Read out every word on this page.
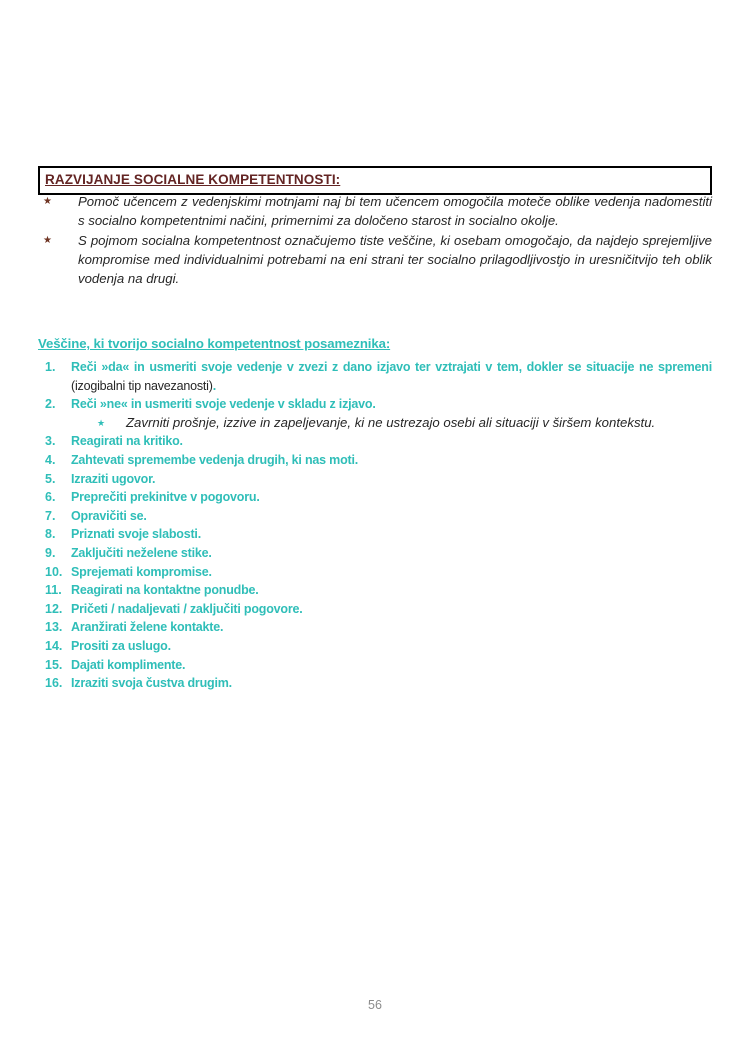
RAZVIJANJE SOCIALNE KOMPETENTNOSTI:
★	Pomoč učencem z vedenjskimi motnjami naj bi tem učencem omogočila moteče oblike vedenja nadomestiti s socialno kompetentnimi načini, primernimi za določeno starost in socialno okolje.
★	S pojmom socialna kompetentnost označujemo tiste veščine, ki osebam omogočajo, da najdejo sprejemljive kompromise med individualnimi potrebami na eni strani ter socialno prilagodljivostjo in uresničitvijo teh oblik vodenja na drugi.
Veščine, ki tvorijo socialno kompetentnost posameznika:
1.	Reči »da« in usmeriti svoje vedenje v zvezi z dano izjavo ter vztrajati v tem, dokler se situacije ne spremeni (izogibalni tip navezanosti).
2.	Reči »ne« in usmeriti svoje vedenje v skladu z izjavo.
★	Zavrniti prošnje, izzive in zapeljevanje, ki ne ustrezajo osebi ali situaciji v širšem kontekstu.
3.	Reagirati na kritiko.
4.	Zahtevati spremembe vedenja drugih, ki nas moti.
5.	Izraziti ugovor.
6.	Preprečiti prekinitve v pogovoru.
7.	Opravičiti se.
8.	Priznati svoje slabosti.
9.	Zaključiti neželene stike.
10. Sprejemati kompromise.
11. Reagirati na kontaktne ponudbe.
12. Pričeti / nadaljevati / zaključiti pogovore.
13. Aranžirati želene kontakte.
14. Prositi za uslugo.
15. Dajati komplimente.
16. Izraziti svoja čustva drugim.
56
